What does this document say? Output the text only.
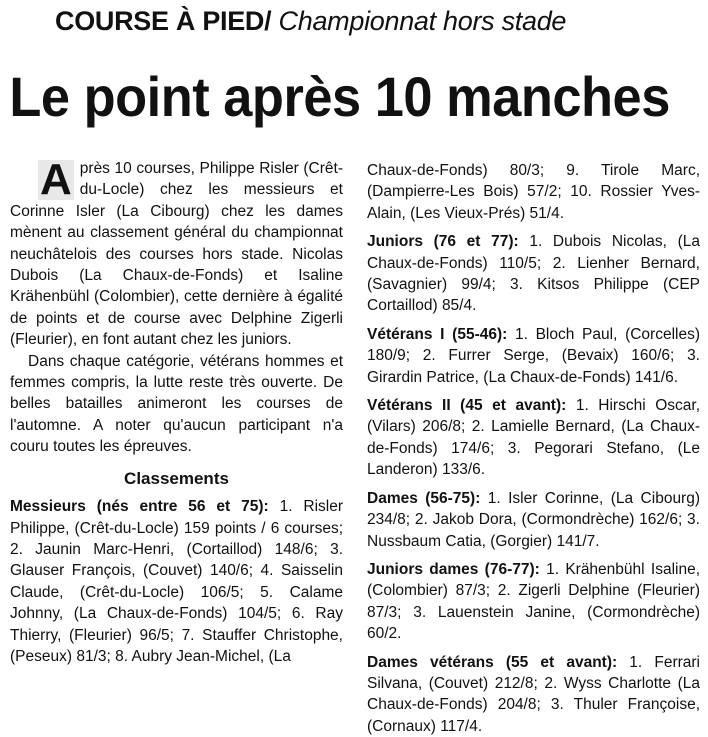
COURSE À PIED/ Championnat hors stade
Le point après 10 manches

A près 10 courses, Philippe Risler (Crêt-du-Locle) chez les messieurs et Corinne Isler (La Cibourg) chez les dames mènent au classement général du championnat neuchâtelois des courses hors stade. Nicolas Dubois (La Chaux-de-Fonds) et Isaline Krähenbühl (Colombier), cette dernière à égalité de points et de course avec Delphine Zigerli (Fleurier), en font autant chez les juniors.

Dans chaque catégorie, vétérans hommes et femmes compris, la lutte reste très ouverte. De belles batailles animeront les courses de l'automne. A noter qu'aucun participant n'a couru toutes les épreuves.

Classements

Messieurs (nés entre 56 et 75): 1. Risler Philippe, (Crêt-du-Locle) 159 points / 6 courses; 2. Jaunin Marc-Henri, (Cortaillod) 148/6; 3. Glauser François, (Couvet) 140/6; 4. Saisselin Claude, (Crêt-du-Locle) 106/5; 5. Calame Johnny, (La Chaux-de-Fonds) 104/5; 6. Ray Thierry, (Fleurier) 96/5; 7. Stauffer Christophe, (Peseux) 81/3; 8. Aubry Jean-Michel, (La

Chaux-de-Fonds) 80/3; 9. Tirole Marc, (Dampierre-Les Bois) 57/2; 10. Rossier Yves-Alain, (Les Vieux-Prés) 51/4.

Juniors (76 et 77): 1. Dubois Nicolas, (La Chaux-de-Fonds) 110/5; 2. Lienher Bernard, (Savagnier) 99/4; 3. Kitsos Philippe (CEP Cortaillod) 85/4.

Vétérans I (55-46): 1. Bloch Paul, (Corcelles) 180/9; 2. Furrer Serge, (Bevaix) 160/6; 3. Girardin Patrice, (La Chaux-de-Fonds) 141/6.

Vétérans II (45 et avant): 1. Hirschi Oscar, (Vilars) 206/8; 2. Lamielle Bernard, (La Chaux-de-Fonds) 174/6; 3. Pegorari Stefano, (Le Landeron) 133/6.

Dames (56-75): 1. Isler Corinne, (La Cibourg) 234/8; 2. Jakob Dora, (Cormondrèche) 162/6; 3. Nussbaum Catia, (Gorgier) 141/7.

Juniors dames (76-77): 1. Krähenbühl Isaline, (Colombier) 87/3; 2. Zigerli Delphine (Fleurier) 87/3; 3. Lauenstein Janine, (Cormondrèche) 60/2.

Dames vétérans (55 et avant): 1. Ferrari Silvana, (Couvet) 212/8; 2. Wyss Charlotte (La Chaux-de-Fonds) 204/8; 3. Thuler Françoise, (Cornaux) 117/4.
